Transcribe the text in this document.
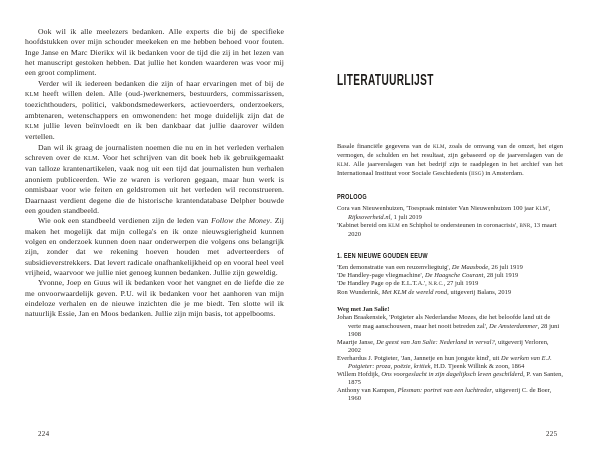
Ook wil ik alle meelezers bedanken. Alle experts die bij de specifieke hoofdstukken over mijn schouder meekeken en me hebben behoed voor fouten. Inge Janse en Marc Dierikx wil ik bedanken voor de tijd die zij in het lezen van het manuscript gestoken hebben. Dat jullie het konden waarderen was voor mij een groot compliment.

Verder wil ik iedereen bedanken die zijn of haar ervaringen met of bij de KLM heeft willen delen. Alle (oud-)werknemers, bestuurders, commissarissen, toezichthouders, politici, vakbondsmedewerkers, actievoerders, onderzoekers, ambtenaren, wetenschappers en omwonenden: het moge duidelijk zijn dat de KLM jullie leven beïnvloedt en ik ben dankbaar dat jullie daarover wilden vertellen.

Dan wil ik graag de journalisten noemen die nu en in het verleden verhalen schreven over de KLM. Voor het schrijven van dit boek heb ik gebruikgemaakt van talloze krantenartikelen, vaak nog uit een tijd dat journalisten hun verhalen anoniem publiceerden. Wie ze waren is verloren gegaan, maar hun werk is onmisbaar voor wie feiten en geldstromen uit het verleden wil reconstrueren. Daarnaast verdient degene die de historische krantendatabase Delpher bouwde een gouden standbeeld.

Wie ook een standbeeld verdienen zijn de leden van Follow the Money. Zij maken het mogelijk dat mijn collega's en ik onze nieuwsgierigheid kunnen volgen en onderzoek kunnen doen naar onderwerpen die volgens ons belangrijk zijn, zonder dat we rekening hoeven houden met adverteerders of subsidieverstrekkers. Dat levert radicale onafhankelijkheid op en vooral heel veel vrijheid, waarvoor we jullie niet genoeg kunnen bedanken. Jullie zijn geweldig.

Yvonne, Joep en Guus wil ik bedanken voor het vangnet en de liefde die ze me onvoorwaardelijk geven. P.U. wil ik bedanken voor het aanhoren van mijn eindeloze verhalen en de nieuwe inzichten die je me biedt. Ten slotte wil ik natuurlijk Essie, Jan en Moos bedanken. Jullie zijn mijn basis, tot appelbooms.

LITERATUURLIJST

Basale financiële gegevens van de KLM, zoals de omvang van de omzet, het eigen vermogen, de schulden en het resultaat, zijn gebaseerd op de jaarverslagen van de KLM. Alle jaarverslagen van het bedrijf zijn te raadplegen in het archief van het Internationaal Instituut voor Sociale Geschiedenis (IISG) in Amsterdam.

PROLOOG

Cora van Nieuwenhuizen, 'Toespraak minister Van Nieuwenhuizen 100 jaar KLM', Rijksoverheid.nl, 1 juli 2019

'Kabinet bereid om KLM en Schiphol te ondersteunen in coronacrisis', BNR, 13 maart 2020

1. EEN NIEUWE GOUDEN EEUW

'Een demonstratie van een reuzenvliegtuig', De Maasbode, 26 juli 1919

'De Handley-page vliegmachine', De Haagsche Courant, 28 juli 1919

'De Handley Page op de E.L.T.A.', N.R.C., 27 juli 1919

Ron Wunderink, Met KLM de wereld rond, uitgeverij Balans, 2019

Weg met Jan Salie!

Johan Braakensiek, 'Potgieter als Nederlandse Mozes, die het beloofde land uit de verte mag aanschouwen, maar het nooit betreden zal', De Amsterdammer, 28 juni 1908

Maartje Janse, De geest van Jan Salie: Nederland in verval?, uitgeverij Verloren, 2002

Everhardus J. Potgieter, 'Jan, Jannetje en hun jongste kind', uit De werken van E.J. Potgieter: proza, poëzie, kritiek, H.D. Tjeenk Willink & zoon, 1864

Willem Hofdijk, Ons voorgeslacht in zijn dagelijksch leven geschilderd, P. van Santen, 1875

Anthony van Kampen, Plesman: portret van een luchtreder, uitgeverij C. de Boer, 1960

224	225
